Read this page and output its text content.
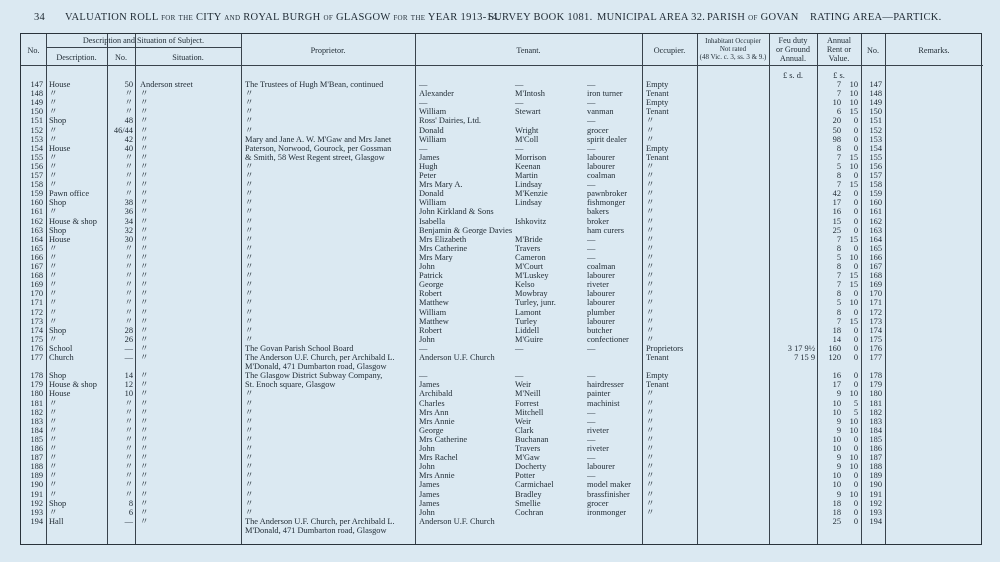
34 VALUATION ROLL for the CITY and ROYAL BURGH of GLASGOW for the YEAR 1913-14.
SURVEY BOOK 1081. MUNICIPAL AREA 32. PARISH of GOVAN RATING AREA—PARTICK.
No.
Description and Situation of Subject.
Description.	No.	Situation.
Proprietor.	Tenant.	Occupier.
Inhabitant Occupier
Not rated
(48 Vic. c. 3, ss. 3 & 9.)
Feu duty
or Ground
Annual.
Annual
Rent or
Value.
No.	Remarks.
£ s. d.	£ s.
147 House	50 Anderson street	The Trustees of Hugh M'Bean, continued	—	—	—	Empty	7	10	147
148 〃	〃 〃	〃	Alexander	M'Intosh	iron turner	Tenant	7	10	148
149 〃	〃 〃	〃	—	—	—	Empty	10	10	149
150 〃	〃 〃	〃	William	Stewart	vanman	Tenant	6	15	150
151 Shop	48 〃	〃	Ross' Dairies, Ltd.	—	〃	20	0	151
152 〃	46/44 〃	〃	Donald	Wright	grocer	〃	50	0	152
153 〃	42 〃	Mary and Jane A. W. M'Gaw and Mrs Janet	William	M'Coll	spirit dealer	〃	98	0	153
154 House	40 〃	Paterson, Norwood, Gourock, per Gossman	—	—	—	Empty	8	0	154
155 〃	〃 〃	& Smith, 58 West Regent street, Glasgow	James	Morrison	labourer	Tenant	7	15	155
156 〃	〃 〃	〃	Hugh	Keenan	labourer	〃	5	10	156
157 〃	〃 〃	〃	Peter	Martin	coalman	〃	8	0	157
158 〃	〃 〃	〃	Mrs Mary A.	Lindsay	—	〃	7	15	158
159 Pawn office	〃 〃	〃	Donald	M'Kenzie	pawnbroker	〃	42	0	159
160 Shop	38 〃	〃	William	Lindsay	fishmonger	〃	17	0	160
161 〃	36 〃	〃	John Kirkland & Sons	bakers	〃	16	0	161
162 House & shop	34 〃	〃	Isabella	Ishkovitz	broker	〃	15	0	162
163 Shop	32 〃	〃	Benjamin & George Davies	ham curers	〃	25	0	163
164 House	30 〃	〃	Mrs Elizabeth	M'Bride	—	〃	7	15	164
165 〃	〃 〃	〃	Mrs Catherine	Travers	—	〃	8	0	165
166 〃	〃 〃	〃	Mrs Mary	Cameron	—	〃	5	10	166
167 〃	〃 〃	〃	John	M'Court	coalman	〃	8	0	167
168 〃	〃 〃	〃	Patrick	M'Luskey	labourer	〃	7	15	168
169 〃	〃 〃	〃	George	Kelso	riveter	〃	7	15	169
170 〃	〃 〃	〃	Robert	Mowbray	labourer	〃	8	0	170
171 〃	〃 〃	〃	Matthew	Turley, junr.	labourer	〃	5	10	171
172 〃	〃 〃	〃	William	Lamont	plumber	〃	8	0	172
173 〃	〃 〃	〃	Matthew	Turley	labourer	〃	7	15	173
174 Shop	28 〃	〃	Robert	Liddell	butcher	〃	18	0	174
175 〃	26 〃	〃	John	M'Guire	confectioner	〃	14	0	175
176 School	— 〃	The Govan Parish School Board	—	—	—	Proprietors	3 17 9½	160	0	176
177 Church	— 〃	The Anderson U.F. Church, per Archibald L.	Anderson U.F. Church	Tenant	7 15 9	120	0	177
M'Donald, 471 Dumbarton road, Glasgow
178 Shop	14 〃	The Glasgow District Subway Company,	—	—	—	Empty	16	0	178
179 House & shop	12 〃	St. Enoch square, Glasgow	James	Weir	hairdresser	Tenant	17	0	179
180 House	10 〃	〃	Archibald	M'Neill	painter	〃	9	10	180
181 〃	〃 〃	〃	Charles	Forrest	machinist	〃	10	5	181
182 〃	〃 〃	〃	Mrs Ann	Mitchell	—	〃	10	5	182
183 〃	〃 〃	〃	Mrs Annie	Weir	—	〃	9	10	183
184 〃	〃 〃	〃	George	Clark	riveter	〃	9	10	184
185 〃	〃 〃	〃	Mrs Catherine	Buchanan	—	〃	10	0	185
186 〃	〃 〃	〃	John	Travers	riveter	〃	10	0	186
187 〃	〃 〃	〃	Mrs Rachel	M'Gaw	—	〃	9	10	187
188 〃	〃 〃	〃	John	Docherty	labourer	〃	9	10	188
189 〃	〃 〃	〃	Mrs Annie	Potter	—	〃	10	0	189
190 〃	〃 〃	〃	James	Carmichael	model maker	〃	10	0	190
191 〃	〃 〃	〃	James	Bradley	brassfinisher	〃	9	10	191
192 Shop	8 〃	〃	James	Smellie	grocer	〃	18	0	192
193 〃	6 〃	〃	John	Cochran	ironmonger	〃	18	0	193
194 Hall	— 〃	The Anderson U.F. Church, per Archibald L.	Anderson U.F. Church	25	0	194
M'Donald, 471 Dumbarton road, Glasgow
